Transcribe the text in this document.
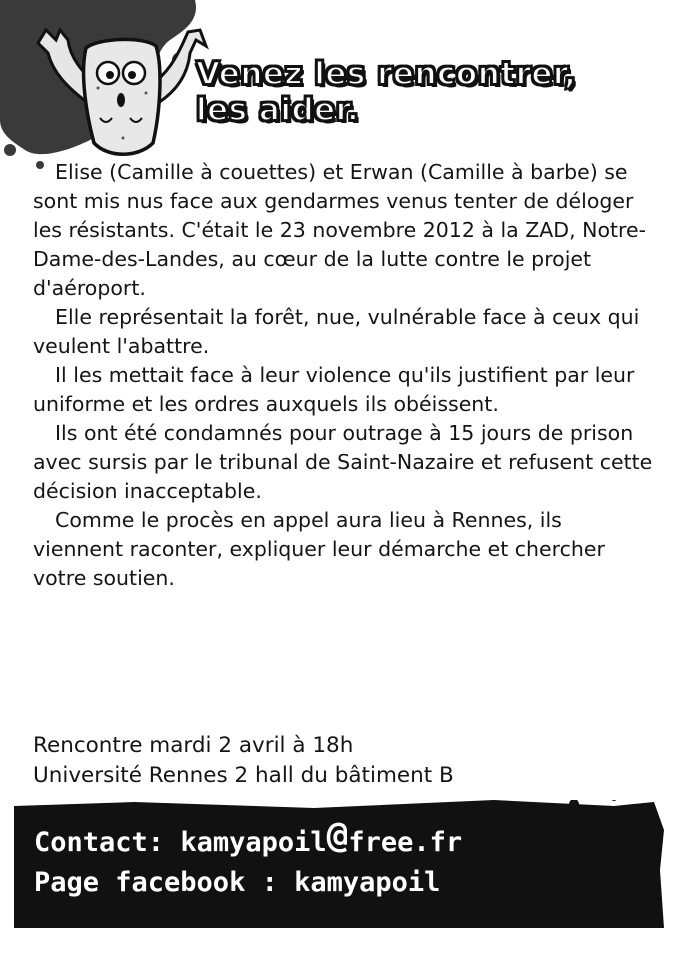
Venez les rencontrer,
les aider.

Elise (Camille à couettes) et Erwan (Camille à barbe) se sont mis nus face aux gendarmes venus tenter de déloger les résistants. C'était le 23 novembre 2012 à la ZAD, Notre-Dame-des-Landes, au cœur de la lutte contre le projet d'aéroport.

Elle représentait la forêt, nue, vulnérable face à ceux qui veulent l'abattre.

Il les mettait face à leur violence qu'ils justifient par leur uniforme et les ordres auxquels ils obéissent.

Ils ont été condamnés pour outrage à 15 jours de prison avec sursis par le tribunal de Saint-Nazaire et refusent cette décision inacceptable.

Comme le procès en appel aura lieu à Rennes, ils viennent raconter, expliquer leur démarche et chercher votre soutien.

Rencontre mardi 2 avril à 18h
Université Rennes 2 hall du bâtiment B
Contact: kamyapoil@free.fr
Page facebook : kamyapoil
